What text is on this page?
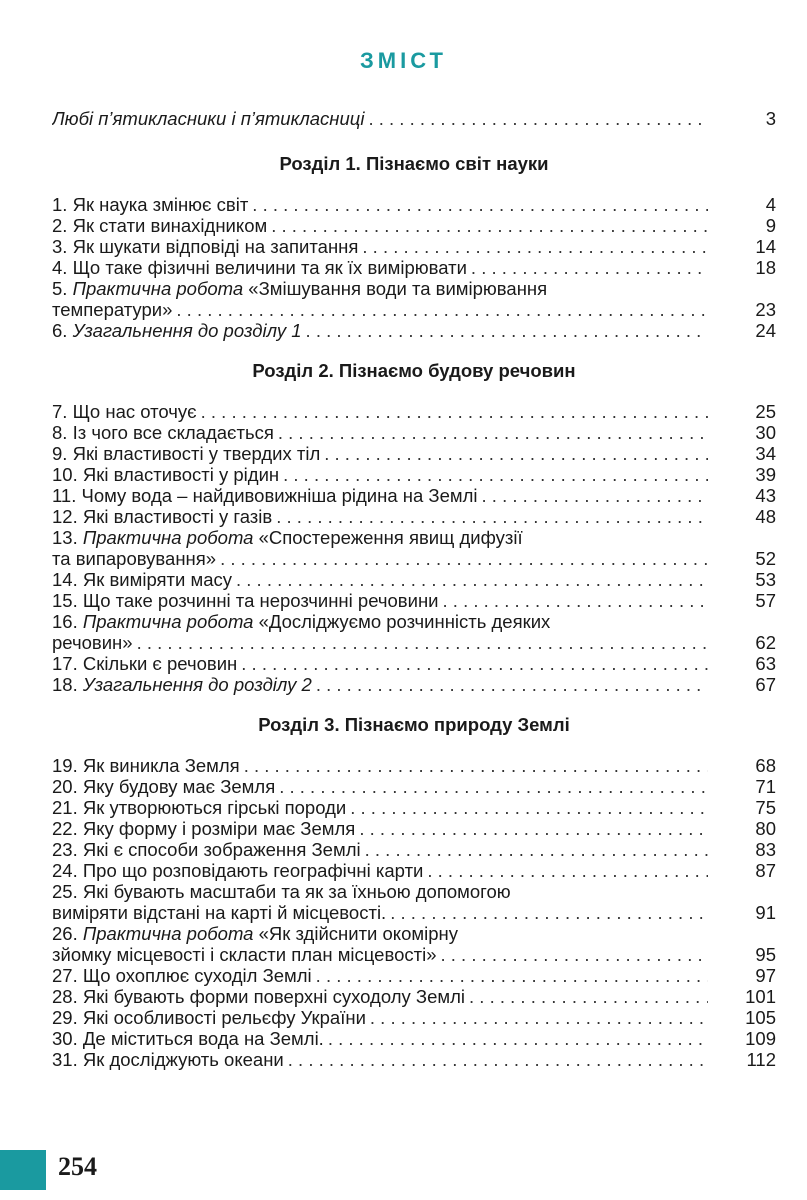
ЗМІСТ
Любі п’ятикласники і п’ятикласниці . . .	3
Розділ 1. Пізнаємо світ науки
1. Як наука змінює світ . . .	4
2. Як стати винахідником . . .	9
3. Як шукати відповіді на запитання . . .	14
4. Що таке фізичні величини та як їх вимірювати . . .	18
5. Практична робота «Змішування води та вимірювання
температури» . . .	23
6. Узагальнення до розділу 1 . . .	24
Розділ 2. Пізнаємо будову речовин
7. Що нас оточує . . .	25
8. Із чого все складається . . .	30
9. Які властивості у твердих тіл . . .	34
10. Які властивості у рідин . . .	39
11. Чому вода – найдивовижніша рідина на Землі . . .	43
12. Які властивості у газів . . .	48
13. Практична робота «Спостереження явищ дифузії
та випаровування» . . .	52
14. Як виміряти масу . . .	53
15. Що таке розчинні та нерозчинні речовини . . .	57
16. Практична робота «Досліджуємо розчинність деяких
речовин» . . .	62
17. Скільки є речовин . . .	63
18. Узагальнення до розділу 2 . . .	67
Розділ 3. Пізнаємо природу Землі
19. Як виникла Земля . . .	68
20. Яку будову має Земля . . .	71
21. Як утворюються гірські породи . . .	75
22. Яку форму і розміри має Земля . . .	80
23. Які є способи зображення Землі . . .	83
24. Про що розповідають географічні карти . . .	87
25. Які бувають масштаби та як за їхньою допомогою
виміряти відстані на карті й місцевості. . . .	91
26. Практична робота «Як здійснити окомірну
зйомку місцевості і скласти план місцевості» . . .	95
27. Що охоплює суходіл Землі . . .	97
28. Які бувають форми поверхні суходолу Землі . . .	101
29. Які особливості рельєфу України . . .	105
30. Де міститься вода на Землі. . . .	109
31. Як досліджують океани . . .	112
254
